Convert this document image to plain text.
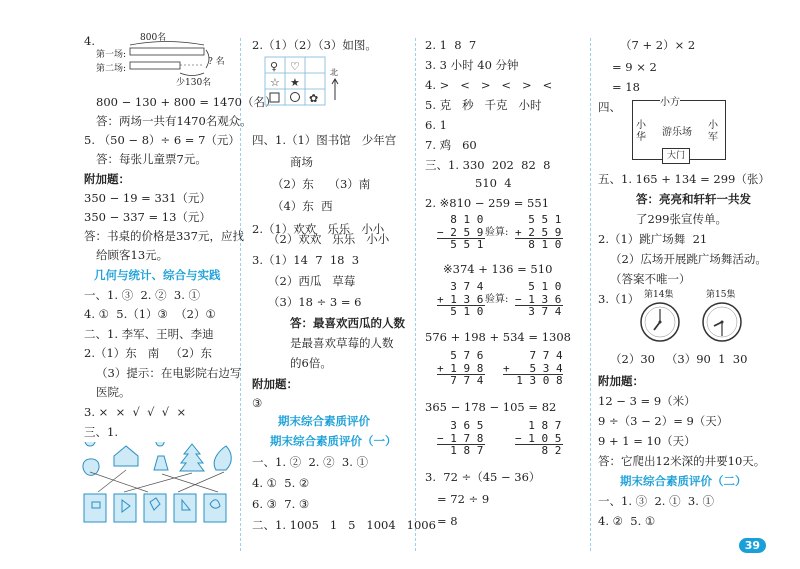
4.	800名
第一场:
第二场:
? 名
少130名
800 − 130 + 800 = 1470（名）
答：两场一共有1470名观众。
5. （50 − 8）÷ 6 = 7（元）
答：每张儿童票7元。
附加题：
350 − 19 = 331（元）
350 − 337 = 13（元）
答：书桌的价格是337元，应找
给顾客13元。
几何与统计、综合与实践
一、1. ③  2. ②  3. ①
4. ①  5.（1）③  （2）①
二、1. 李军、王明、李迪
2.（1）东   南   （2）东
（3）提示：在电影院右边写
医院。
3. ×  ×  √  √  √  ×
三、1.
2.（1）（2）（3）如图。
♀ ♡
☆ ★
✿
北
四、1.（1）图书馆   少年宫
商场
（2）东    （3）南
（4）东  西
2.（1）欢欢   乐乐   小小
（2）欢欢   乐乐   小小
3.（1）14  7  18  3
（2）西瓜   草莓
（3）18 ÷ 3 = 6
答：最喜欢西瓜的人数
是最喜欢草莓的人数
的6倍。
附加题：
③
期末综合素质评价
期末综合素质评价（一）
一、1. ②  2. ②  3. ①
4. ①  5. ②
6. ③  7. ③
二、1. 1005   1   5   1004   1006
2. 1  8  7
3. 3 小时 40 分钟
4. >   <   >   <   >   <
5. 克   秒   千克   小时
6. 1
7. 鸡   60
三、1. 330  202  82  8
510  4
2. ※810 − 259 = 551
8 1 0
− 2 5 9
5 5 1
验算:
5 5 1
+ 2 5 9
8 1 0
※374 + 136 = 510
3 7 4
+ 1 3 6
5 1 0
验算:
5 1 0
− 1 3 6
3 7 4
576 + 198 + 534 = 1308
5 7 6
+ 1 9 8
7 7 4
7 7 4
+   5 3 4
1 3 0 8
365 − 178 − 105 = 82
3 6 5
− 1 7 8
1 8 7
1 8 7
− 1 0 5
8 2
3.  72 ÷（45 − 36）
= 72 ÷ 9
= 8
（7 + 2）× 2
= 9 × 2
= 18
四、	小方
小华 游乐场
小军
大门
五、1. 165 + 134 = 299（张）
答：亮亮和轩轩一共发
了299张宣传单。
2.（1）跳广场舞  21
（2）広场开展跳广场舞活动。
（答案不唯一）
3.（1） 第14集	第15集
（2）30   （3）90  1  30
附加题：
12 − 3 = 9（米）
9 ÷（3 − 2）= 9（天）
9 + 1 = 10（天）
答：它爬出12米深的井要10天。
期末综合素质评价（二）
一、1. ③  2. ①  3. ①
4. ②  5. ①
39
